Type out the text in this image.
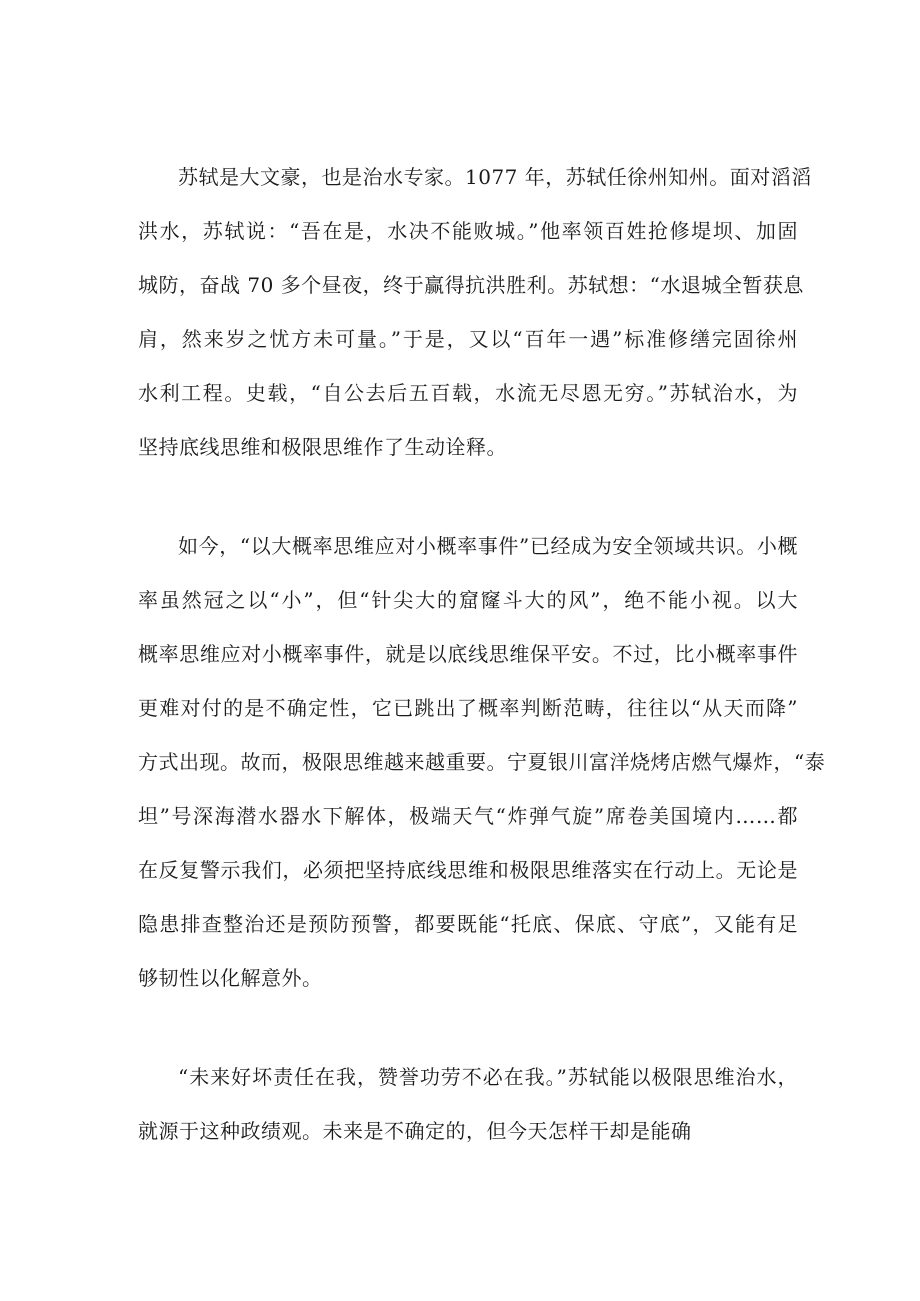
苏轼是大文豪，也是治水专家。1077 年，苏轼任徐州知州。面对滔滔
洪水，苏轼说：“吾在是，水决不能败城。”他率领百姓抢修堤坝、加固
城防，奋战 70 多个昼夜，终于赢得抗洪胜利。苏轼想：“水退城全暂获息
肩，然来岁之忧方未可量。”于是，又以“百年一遇”标准修缮完固徐州
水利工程。史载，“自公去后五百载，水流无尽恩无穷。”苏轼治水，为
坚持底线思维和极限思维作了生动诠释。
如今，“以大概率思维应对小概率事件”已经成为安全领域共识。小概
率虽然冠之以“小”，但“针尖大的窟窿斗大的风”，绝不能小视。以大
概率思维应对小概率事件，就是以底线思维保平安。不过，比小概率事件
更难对付的是不确定性，它已跳出了概率判断范畴，往往以“从天而降”
方式出现。故而，极限思维越来越重要。宁夏银川富洋烧烤店燃气爆炸，“泰
坦”号深海潜水器水下解体，极端天气“炸弹气旋”席卷美国境内……都
在反复警示我们，必须把坚持底线思维和极限思维落实在行动上。无论是
隐患排查整治还是预防预警，都要既能“托底、保底、守底”，又能有足
够韧性以化解意外。
“未来好坏责任在我，赞誉功劳不必在我。”苏轼能以极限思维治水，
就源于这种政绩观。未来是不确定的，但今天怎样干却是能确
